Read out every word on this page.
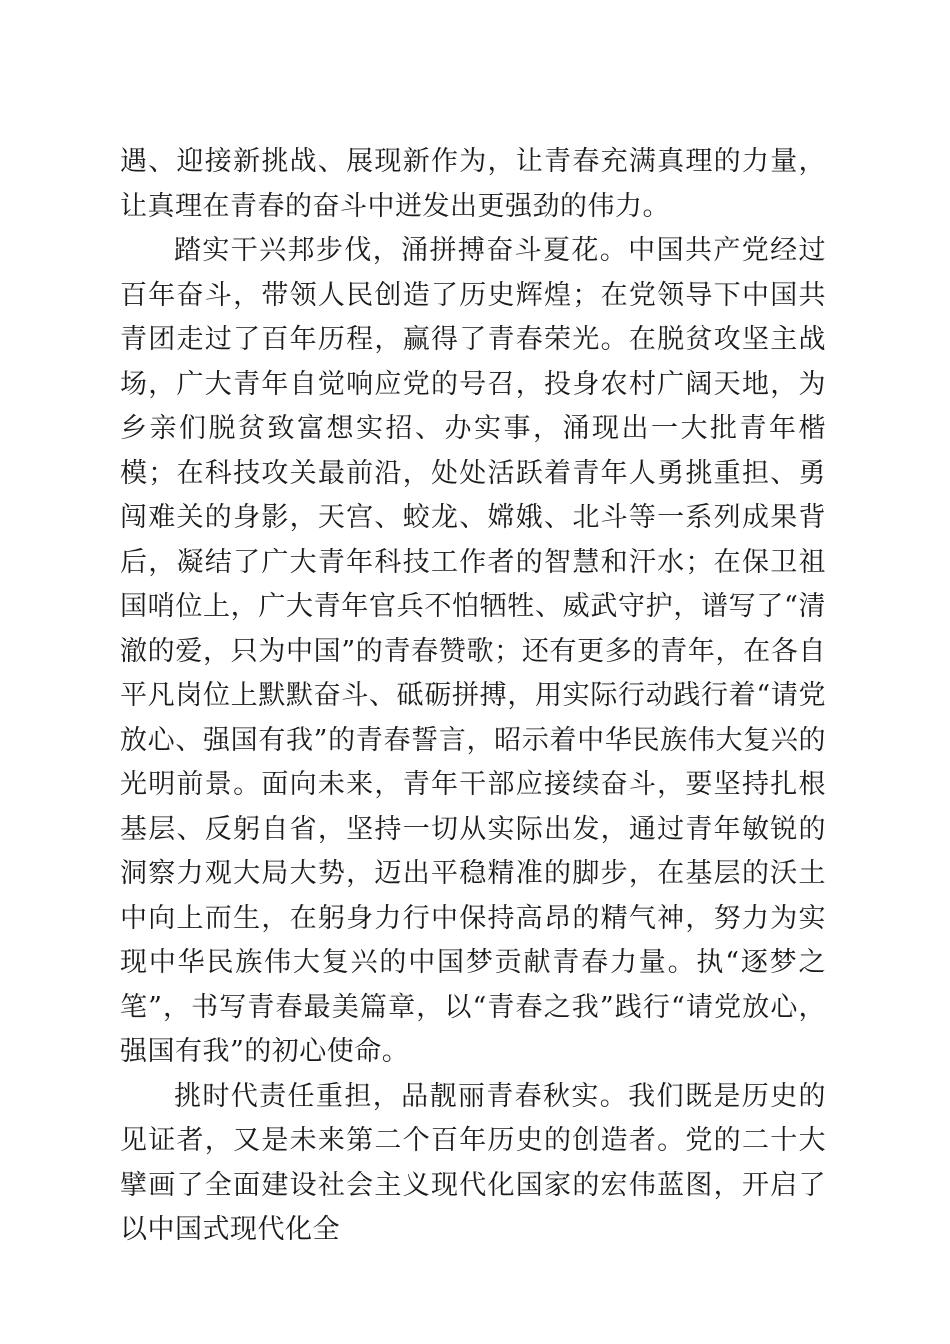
遇、迎接新挑战、展现新作为，让青春充满真理的力量，让真理在青春的奋斗中迸发出更强劲的伟力。

踏实干兴邦步伐，涌拼搏奋斗夏花。中国共产党经过百年奋斗，带领人民创造了历史辉煌；在党领导下中国共青团走过了百年历程，赢得了青春荣光。在脱贫攻坚主战场，广大青年自觉响应党的号召，投身农村广阔天地，为乡亲们脱贫致富想实招、办实事，涌现出一大批青年楷模；在科技攻关最前沿，处处活跃着青年人勇挑重担、勇闯难关的身影，天宫、蛟龙、嫦娥、北斗等一系列成果背后，凝结了广大青年科技工作者的智慧和汗水；在保卫祖国哨位上，广大青年官兵不怕牺牲、威武守护，谱写了“清澈的爱，只为中国”的青春赞歌；还有更多的青年，在各自平凡岗位上默默奋斗、砥砺拼搏，用实际行动践行着“请党放心、强国有我”的青春誓言，昭示着中华民族伟大复兴的光明前景。面向未来，青年干部应接续奋斗，要坚持扎根基层、反躬自省，坚持一切从实际出发，通过青年敏锐的洞察力观大局大势，迈出平稳精准的脚步，在基层的沃土中向上而生，在躬身力行中保持高昂的精气神，努力为实现中华民族伟大复兴的中国梦贡献青春力量。执“逐梦之笔”，书写青春最美篇章，以“青春之我”践行“请党放心，强国有我”的初心使命。

挑时代责任重担，品靓丽青春秋实。我们既是历史的见证者，又是未来第二个百年历史的创造者。党的二十大擘画了全面建设社会主义现代化国家的宏伟蓝图，开启了以中国式现代化全
